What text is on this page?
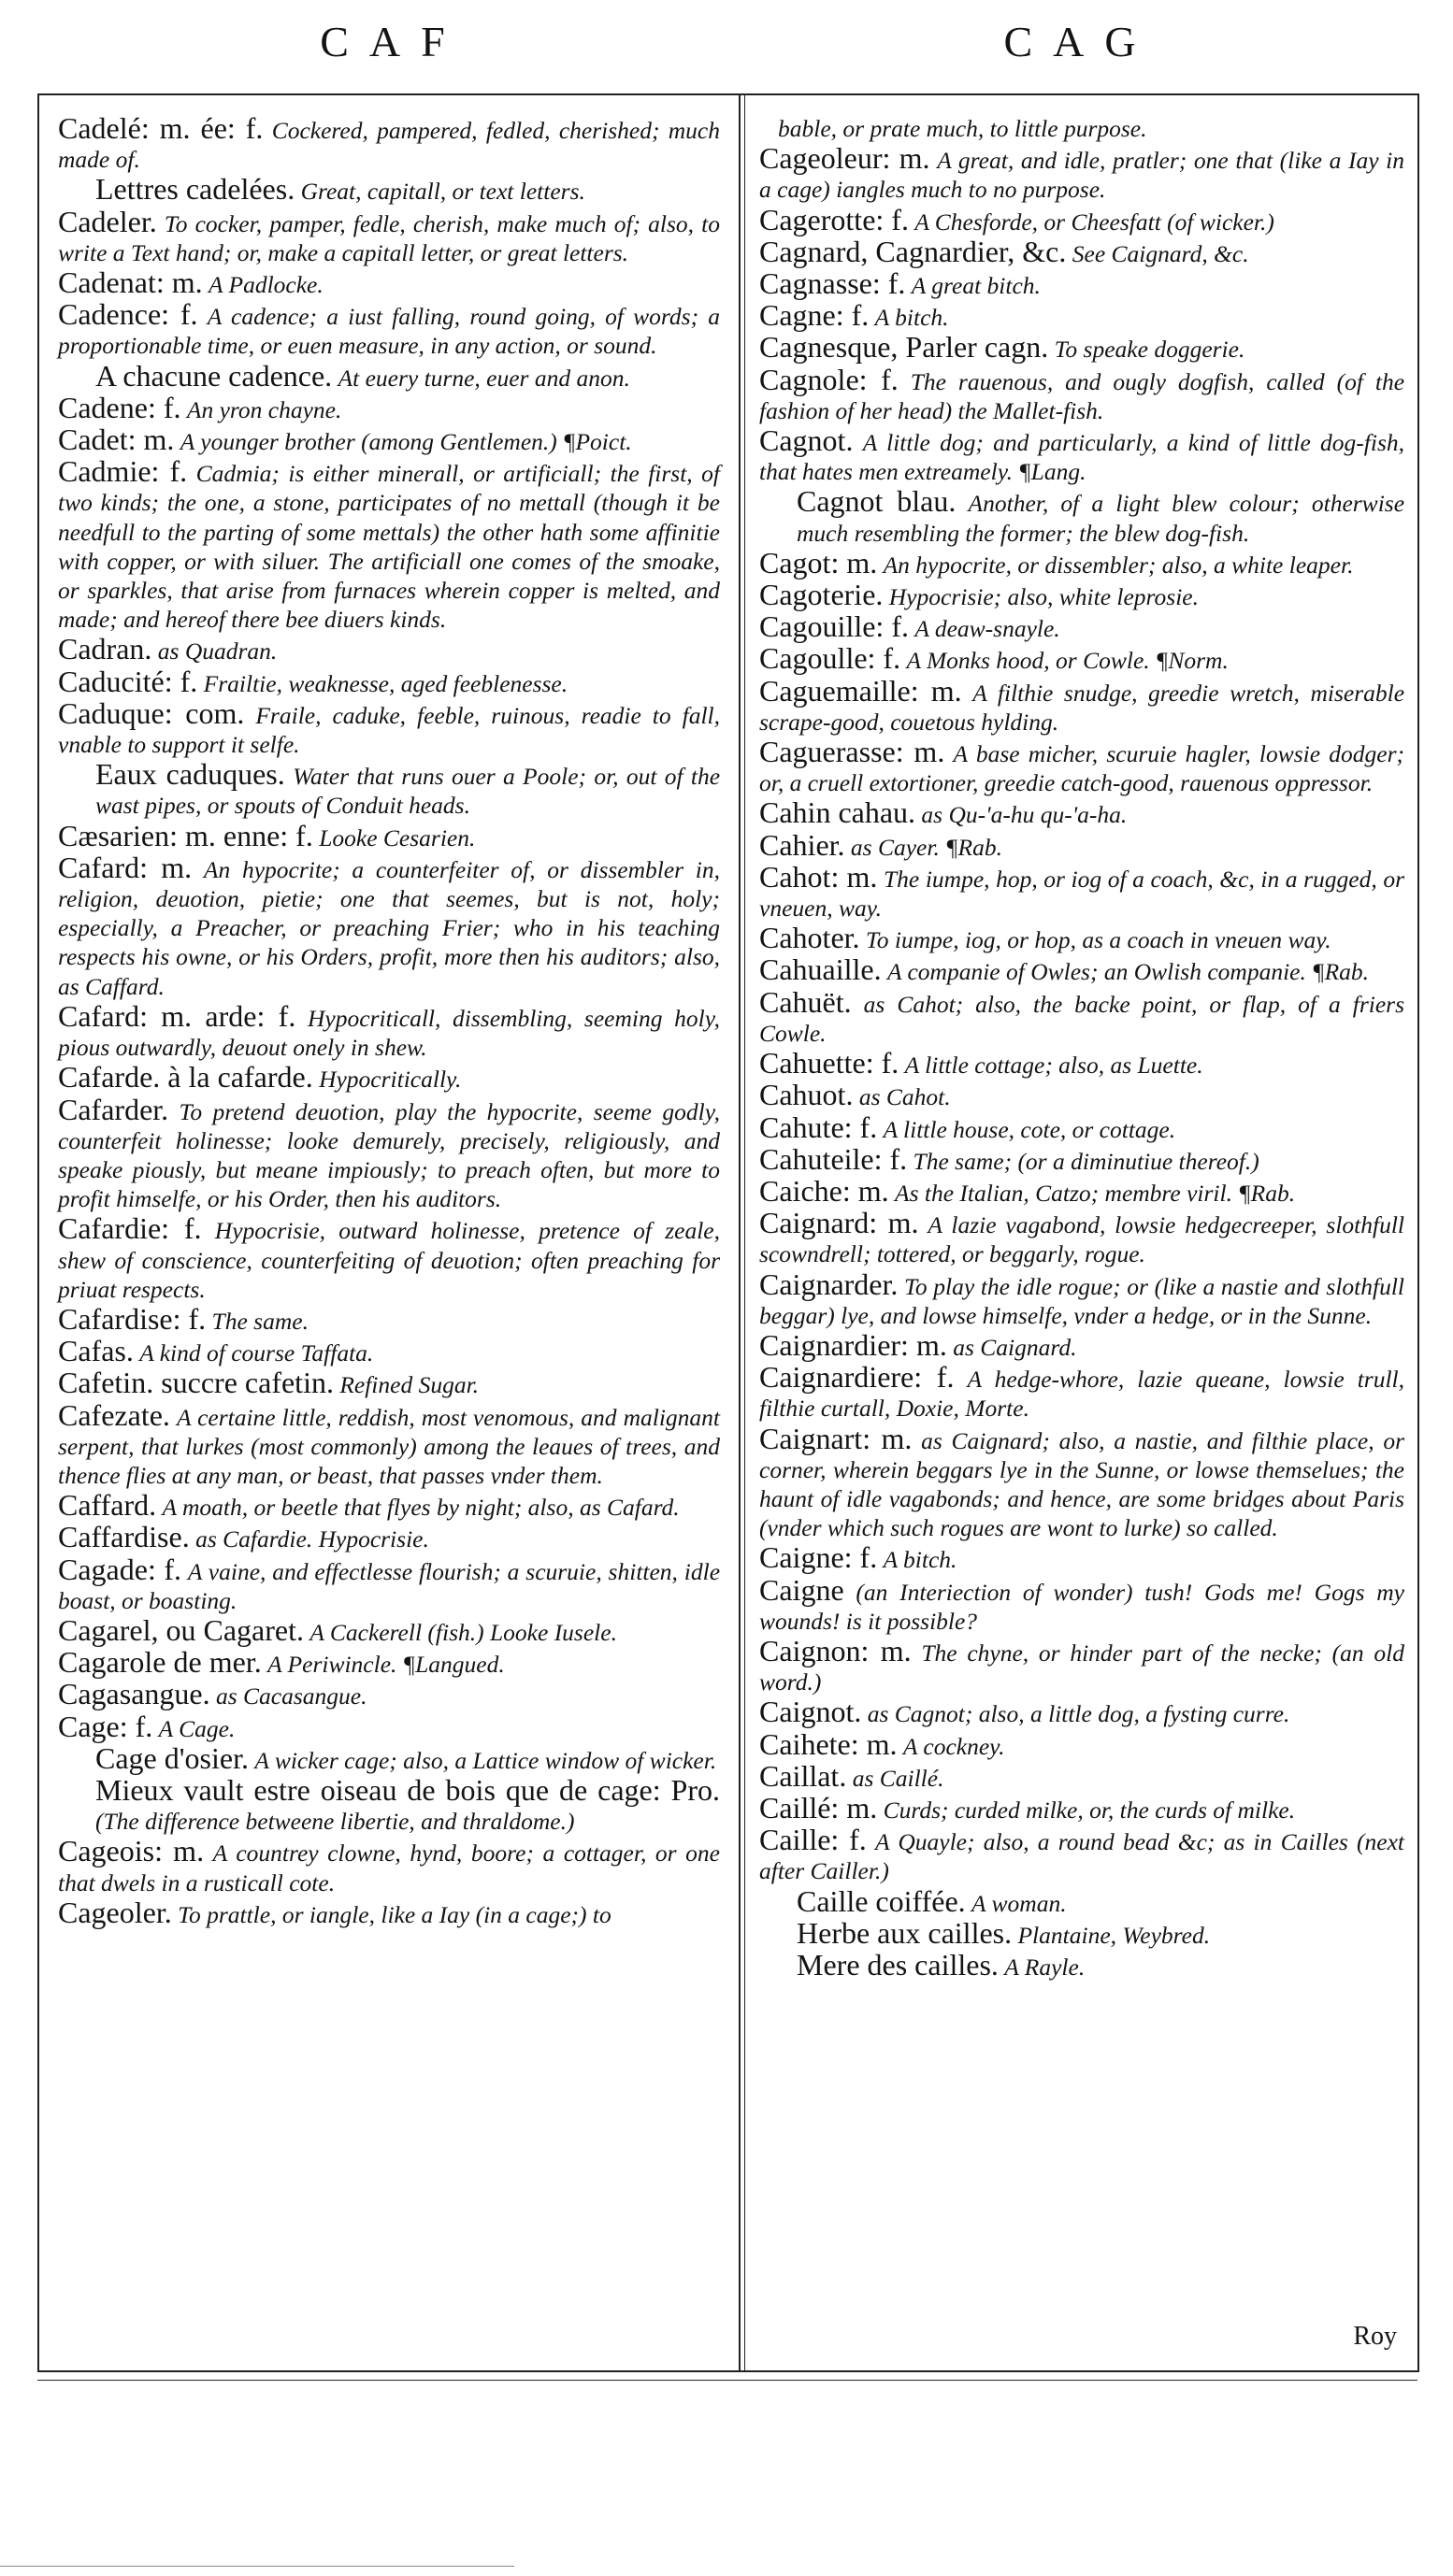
CAF	CAG
Cadelé: m. ée: f. Cockered, pampered, fedled, cherished; much made of.
Lettres cadelées. Great, capitall, or text letters.
Cadeler. To cocker, pamper, fedle, cherish, make much of; also, to write a Text hand; or, make a capitall letter, or great letters.
Cadenat: m. A Padlocke.
Cadence: f. A cadence; a iust falling, round going, of words; a proportionable time, or euen measure, in any action, or sound.
A chacune cadence. At euery turne, euer and anon.
Cadene: f. An yron chayne.
Cadet: m. A younger brother (among Gentlemen.) ¶Poict.
Cadmie: f. Cadmia; is either minerall, or artificiall; the first, of two kinds; the one, a stone, participates of no mettall (though it be needfull to the parting of some mettals) the other hath some affinitie with copper, or with siluer. The artificiall one comes of the smoake, or sparkles, that arise from furnaces wherein copper is melted, and made; and hereof there bee diuers kinds.
Cadran. as Quadran.
Caducité: f. Frailtie, weaknesse, aged feeblenesse.
Caduque: com. Fraile, caduke, feeble, ruinous, readie to fall, vnable to support it selfe.
Eaux caduques. Water that runs ouer a Poole; or, out of the wast pipes, or spouts of Conduit heads.
Cæsarien: m. enne: f. Looke Cesarien.
Cafard: m. An hypocrite; a counterfeiter of, or dissembler in, religion, deuotion, pietie; one that seemes, but is not, holy; especially, a Preacher, or preaching Frier; who in his teaching respects his owne, or his Orders, profit, more then his auditors; also, as Caffard.
Cafard: m. arde: f. Hypocriticall, dissembling, seeming holy, pious outwardly, deuout onely in shew.
Cafarde. à la cafarde. Hypocritically.
Cafarder. To pretend deuotion, play the hypocrite, seeme godly, counterfeit holinesse; looke demurely, precisely, religiously, and speake piously, but meane impiously; to preach often, but more to profit himselfe, or his Order, then his auditors.
Cafardie: f. Hypocrisie, outward holinesse, pretence of zeale, shew of conscience, counterfeiting of deuotion; often preaching for priuat respects.
Cafardise: f. The same.
Cafas. A kind of course Taffata.
Cafetin. succre cafetin. Refined Sugar.
Cafezate. A certaine little, reddish, most venomous, and malignant serpent, that lurkes (most commonly) among the leaues of trees, and thence flies at any man, or beast, that passes vnder them.
Caffard. A moath, or beetle that flyes by night; also, as Cafard.
Caffardise. as Cafardie. Hypocrisie.
Cagade: f. A vaine, and effectlesse flourish; a scuruie, shitten, idle boast, or boasting.
Cagarel, ou Cagaret. A Cackerell (fish.) Looke Iusele.
Cagarole de mer. A Periwincle. ¶Langued.
Cagasangue. as Cacasangue.
Cage: f. A Cage.
Cage d'osier. A wicker cage; also, a Lattice window of wicker.
Mieux vault estre oiseau de bois que de cage: Pro. (The difference betweene libertie, and thraldome.)
Cageois: m. A countrey clowne, hynd, boore; a cottager, or one that dwels in a rusticall cote.
Cageoler. To prattle, or iangle, like a Iay (in a cage;) to
bable, or prate much, to little purpose.
Cageoleur: m. A great, and idle, pratler; one that (like a Iay in a cage) iangles much to no purpose.
Cagerotte: f. A Chesforde, or Cheesfatt (of wicker.)
Cagnard, Cagnardier, &c. See Caignard, &c.
Cagnasse: f. A great bitch.
Cagne: f. A bitch.
Cagnesque, Parler cagn. To speake doggerie.
Cagnole: f. The rauenous, and ougly dogfish, called (of the fashion of her head) the Mallet-fish.
Cagnot. A little dog; and particularly, a kind of little dog-fish, that hates men extreamely. ¶Lang.
Cagnot blau. Another, of a light blew colour; otherwise much resembling the former; the blew dog-fish.
Cagot: m. An hypocrite, or dissembler; also, a white leaper.
Cagoterie. Hypocrisie; also, white leprosie.
Cagouille: f. A deaw-snayle.
Cagoulle: f. A Monks hood, or Cowle. ¶Norm.
Caguemaille: m. A filthie snudge, greedie wretch, miserable scrape-good, couetous hylding.
Caguerasse: m. A base micher, scuruie hagler, lowsie dodger; or, a cruell extortioner, greedie catch-good, rauenous oppressor.
Cahin cahau. as Qu-'a-hu qu-'a-ha.
Cahier. as Cayer. ¶Rab.
Cahot: m. The iumpe, hop, or iog of a coach, &c, in a rugged, or vneuen, way.
Cahoter. To iumpe, iog, or hop, as a coach in vneuen way.
Cahuaille. A companie of Owles; an Owlish companie. ¶Rab.
Cahuët. as Cahot; also, the backe point, or flap, of a friers Cowle.
Cahuette: f. A little cottage; also, as Luette.
Cahuot. as Cahot.
Cahute: f. A little house, cote, or cottage.
Cahuteile: f. The same; (or a diminutiue thereof.)
Caiche: m. As the Italian, Catzo; membre viril. ¶Rab.
Caignard: m. A lazie vagabond, lowsie hedgecreeper, slothfull scowndrell; tottered, or beggarly, rogue.
Caignarder. To play the idle rogue; or (like a nastie and slothfull beggar) lye, and lowse himselfe, vnder a hedge, or in the Sunne.
Caignardier: m. as Caignard.
Caignardiere: f. A hedge-whore, lazie queane, lowsie trull, filthie curtall, Doxie, Morte.
Caignart: m. as Caignard; also, a nastie, and filthie place, or corner, wherein beggars lye in the Sunne, or lowse themselues; the haunt of idle vagabonds; and hence, are some bridges about Paris (vnder which such rogues are wont to lurke) so called.
Caigne: f. A bitch.
Caigne (an Interiection of wonder) tush! Gods me! Gogs my wounds! is it possible?
Caignon: m. The chyne, or hinder part of the necke; (an old word.)
Caignot. as Cagnot; also, a little dog, a fysting curre.
Caihete: m. A cockney.
Caillat. as Caillé.
Caillé: m. Curds; curded milke, or, the curds of milke.
Caille: f. A Quayle; also, a round bead &c; as in Cailles (next after Cailler.)
Caille coiffée. A woman.
Herbe aux cailles. Plantaine, Weybred.
Mere des cailles. A Rayle.
Roy
